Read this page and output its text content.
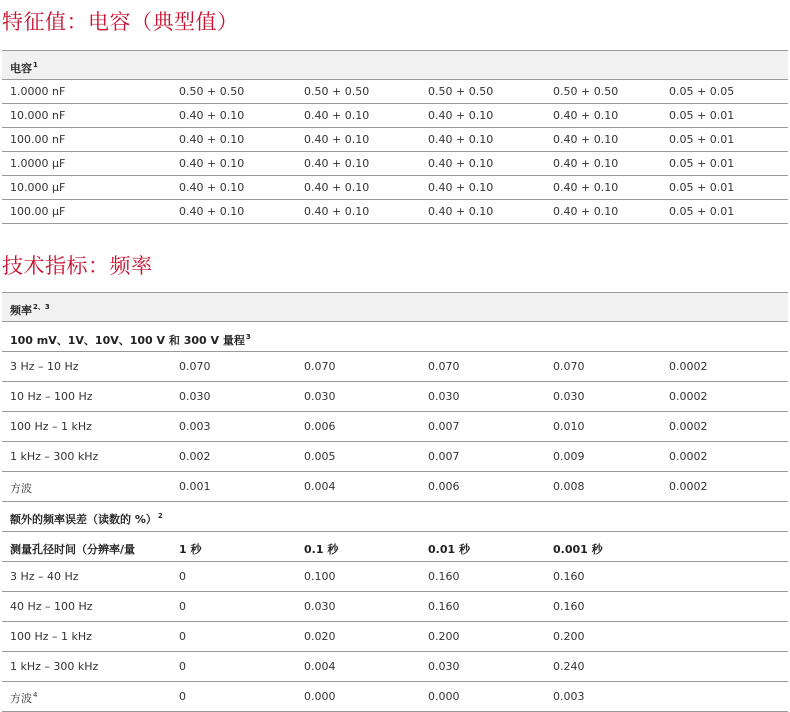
特征值：电容（典型值）
电容$^1$
1.0000 nF	0.50 + 0.50	0.50 + 0.50	0.50 + 0.50	0.50 + 0.50	0.05 + 0.05
10.000 nF	0.40 + 0.10	0.40 + 0.10	0.40 + 0.10	0.40 + 0.10	0.05 + 0.01
100.00 nF	0.40 + 0.10	0.40 + 0.10	0.40 + 0.10	0.40 + 0.10	0.05 + 0.01
1.0000 µF	0.40 + 0.10	0.40 + 0.10	0.40 + 0.10	0.40 + 0.10	0.05 + 0.01
10.000 µF	0.40 + 0.10	0.40 + 0.10	0.40 + 0.10	0.40 + 0.10	0.05 + 0.01
100.00 µF	0.40 + 0.10	0.40 + 0.10	0.40 + 0.10	0.40 + 0.10	0.05 + 0.01
技术指标：频率
频率$^{2、3}$
100 mV、1V、10V、100 V 和 300 V 量程$^3$
3 Hz – 10 Hz	0.070	0.070	0.070	0.070	0.0002
10 Hz – 100 Hz	0.030	0.030	0.030	0.030	0.0002
100 Hz – 1 kHz	0.003	0.006	0.007	0.010	0.0002
1 kHz – 300 kHz	0.002	0.005	0.007	0.009	0.0002
方波	0.001	0.004	0.006	0.008	0.0002
额外的频率误差（读数的 %）$^2$
测量孔径时间（分辨率/量	1 秒	0.1 秒	0.01 秒	0.001 秒
3 Hz – 40 Hz	0	0.100	0.160	0.160
40 Hz – 100 Hz	0	0.030	0.160	0.160
100 Hz – 1 kHz	0	0.020	0.200	0.200
1 kHz – 300 kHz	0	0.004	0.030	0.240
方波$^4$	0	0.000	0.000	0.003
